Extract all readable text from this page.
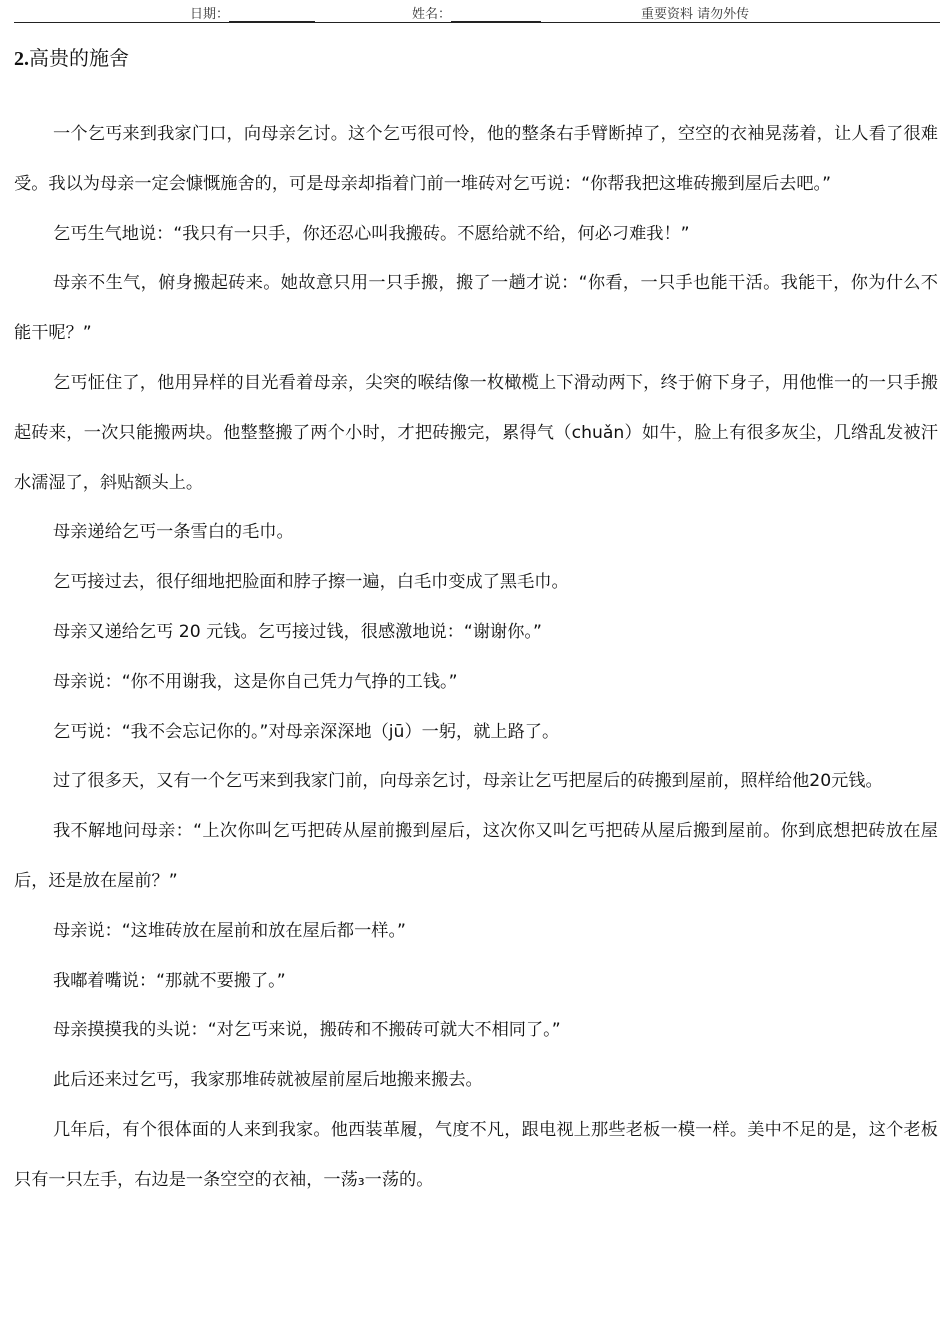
日期：	姓名：	重要资料 请勿外传
2.高贵的施舍

一个乞丐来到我家门口，向母亲乞讨。这个乞丐很可怜，他的整条右手臂断掉了，空空的衣袖晃荡着，让人看了很难受。我以为母亲一定会慷慨施舍的，可是母亲却指着门前一堆砖对乞丐说：“你帮我把这堆砖搬到屋后去吧。”

乞丐生气地说：“我只有一只手，你还忍心叫我搬砖。不愿给就不给，何必刁难我！”

母亲不生气，俯身搬起砖来。她故意只用一只手搬，搬了一趟才说：“你看，一只手也能干活。我能干，你为什么不能干呢？”

乞丐怔住了，他用异样的目光看着母亲，尖突的喉结像一枚橄榄上下滑动两下，终于俯下身子，用他惟一的一只手搬起砖来，一次只能搬两块。他整整搬了两个小时，才把砖搬完，累得气（chuǎn）如牛，脸上有很多灰尘，几绺乱发被汗水濡湿了，斜贴额头上。

母亲递给乞丐一条雪白的毛巾。

乞丐接过去，很仔细地把脸面和脖子擦一遍，白毛巾变成了黑毛巾。

母亲又递给乞丐 20 元钱。乞丐接过钱，很感激地说：“谢谢你。”

母亲说：“你不用谢我，这是你自己凭力气挣的工钱。”

乞丐说：“我不会忘记你的。”对母亲深深地（jū）一躬，就上路了。

过了很多天，又有一个乞丐来到我家门前，向母亲乞讨，母亲让乞丐把屋后的砖搬到屋前，照样给他20元钱。

我不解地问母亲：“上次你叫乞丐把砖从屋前搬到屋后，这次你又叫乞丐把砖从屋后搬到屋前。你到底想把砖放在屋后，还是放在屋前？”

母亲说：“这堆砖放在屋前和放在屋后都一样。”

我嘟着嘴说：“那就不要搬了。”

母亲摸摸我的头说：“对乞丐来说，搬砖和不搬砖可就大不相同了。”

此后还来过乞丐，我家那堆砖就被屋前屋后地搬来搬去。

几年后，有个很体面的人来到我家。他西装革履，气度不凡，跟电视上那些老板一模一样。美中不足的是，这个老板只有一只左手，右边是一条空空的衣袖，一荡₃一荡的。
